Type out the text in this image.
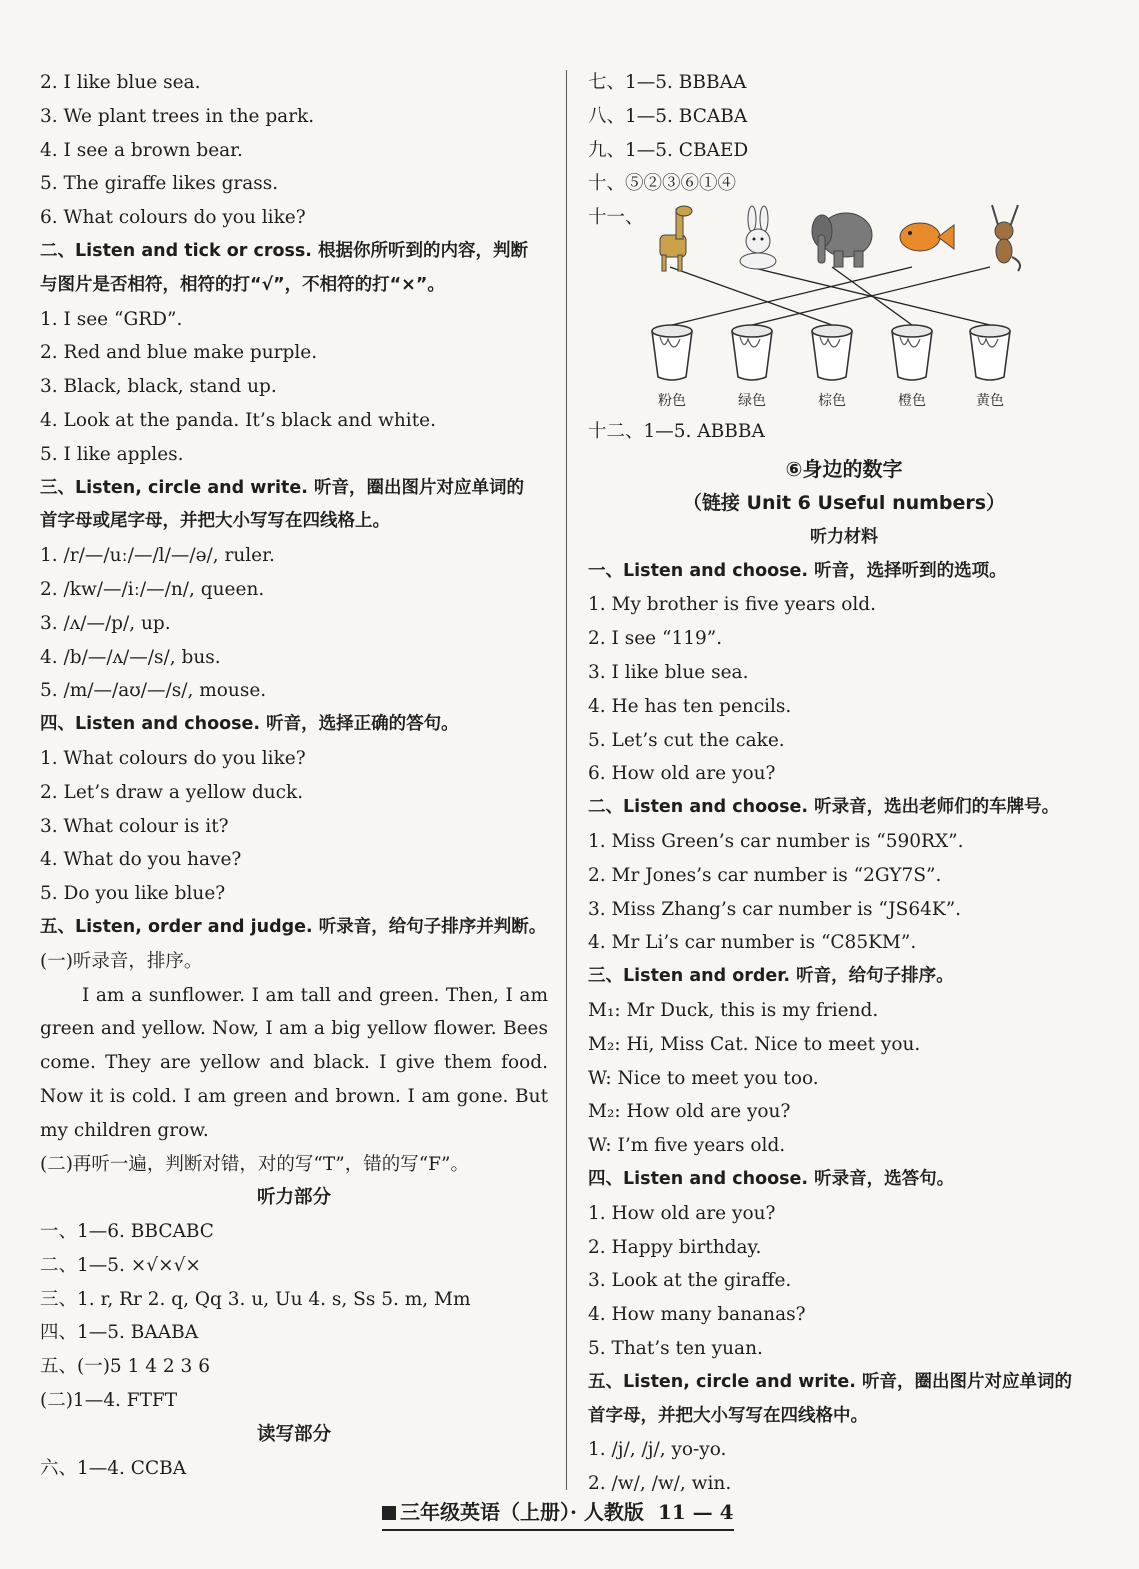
2. I like blue sea.
3. We plant trees in the park.
4. I see a brown bear.
5. The giraffe likes grass.
6. What colours do you like?
二、Listen and tick or cross. 根据你所听到的内容，判断
与图片是否相符，相符的打“√”，不相符的打“×”。
1. I see “GRD”.
2. Red and blue make purple.
3. Black, black, stand up.
4. Look at the panda. It’s black and white.
5. I like apples.
三、Listen, circle and write. 听音，圈出图片对应单词的
首字母或尾字母，并把大小写写在四线格上。
1. /r/—/uː/—/l/—/ə/, ruler.
2. /kw/—/iː/—/n/, queen.
3. /ʌ/—/p/, up.
4. /b/—/ʌ/—/s/, bus.
5. /m/—/aʊ/—/s/, mouse.
四、Listen and choose. 听音，选择正确的答句。
1. What colours do you like?
2. Let’s draw a yellow duck.
3. What colour is it?
4. What do you have?
5. Do you like blue?
五、Listen, order and judge. 听录音，给句子排序并判断。
(一)听录音，排序。
I am a sunflower. I am tall and green. Then, I am
green and yellow. Now, I am a big yellow flower. Bees
come. They are yellow and black. I give them food.
Now it is cold. I am green and brown. I am gone. But
my children grow.
(二)再听一遍，判断对错，对的写“T”，错的写“F”。
听力部分
一、1—6. BBCABC
二、1—5. ×√×√×
三、1. r, Rr 2. q, Qq 3. u, Uu 4. s, Ss 5. m, Mm
四、1—5. BAABA
五、(一)5 1 4 2 3 6
(二)1—4. FTFT
读写部分
六、1—4. CCBA
七、1—5. BBBAA
八、1—5. BCABA
九、1—5. CBAED
十、⑤②③⑥①④
十一、
粉色	绿色	棕色	橙色	黄色
十二、1—5. ABBBA
⑥身边的数字
（链接 Unit 6 Useful numbers）
听力材料
一、Listen and choose. 听音，选择听到的选项。
1. My brother is five years old.
2. I see “119”.
3. I like blue sea.
4. He has ten pencils.
5. Let’s cut the cake.
6. How old are you?
二、Listen and choose. 听录音，选出老师们的车牌号。
1. Miss Green’s car number is “590RX”.
2. Mr Jones’s car number is “2GY7S”.
3. Miss Zhang’s car number is “JS64K”.
4. Mr Li’s car number is “C85KM”.
三、Listen and order. 听音，给句子排序。
M₁: Mr Duck, this is my friend.
M₂: Hi, Miss Cat. Nice to meet you.
W: Nice to meet you too.
M₂: How old are you?
W: I’m five years old.
四、Listen and choose. 听录音，选答句。
1. How old are you?
2. Happy birthday.
3. Look at the giraffe.
4. How many bananas?
5. That’s ten yuan.
五、Listen, circle and write. 听音，圈出图片对应单词的
首字母，并把大小写写在四线格中。
1. /j/, /j/, yo-yo.
2. /w/, /w/, win.
三年级英语（上册）· 人教版 11 — 4
